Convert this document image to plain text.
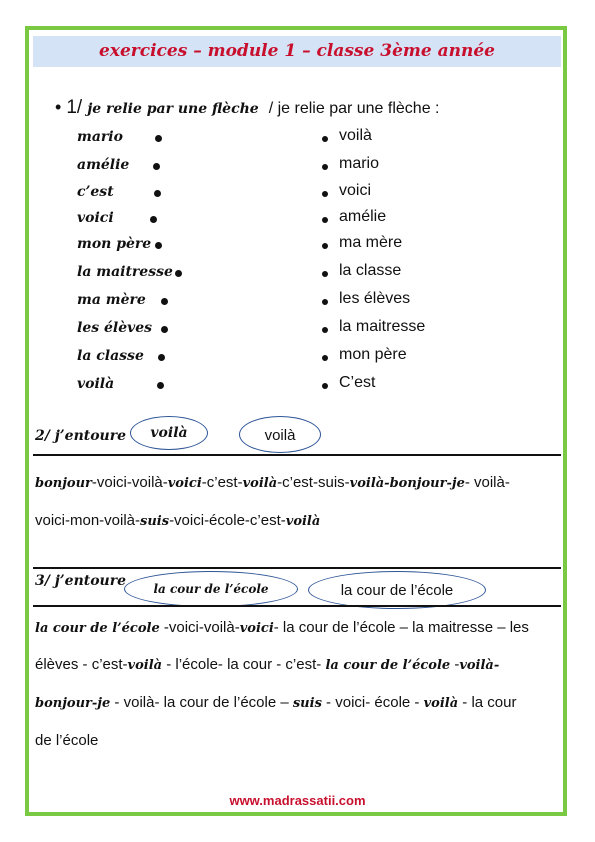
exercices – module 1 – classe 3ème année
• 1/ je relie par une flèche / je relie par une flèche :
mario
amélie
c’est
voici
mon père
la maitresse
ma mère
les élèves
la classe
voilà
voilà
mario
voici
amélie
ma mère
la classe
les élèves
la maitresse
mon père
C’est
2/ j’entoure	voilà	voilà
bonjour-voici-voilà-voici-c’est-voilà-c’est-suis-voilà-bonjour-je- voilà-
voici-mon-voilà-suis-voici-école-c’est-voilà
3/ j’entoure	la cour de l’école	la cour de l’école
la cour de l’école -voici-voilà-voici- la cour de l’école – la maitresse – les
élèves - c’est-voilà - l’école- la cour - c’est- la cour de l’école -voilà-
bonjour-je - voilà- la cour de l’école – suis - voici- école - voilà - la cour
de l’école
www.madrassatii.com
